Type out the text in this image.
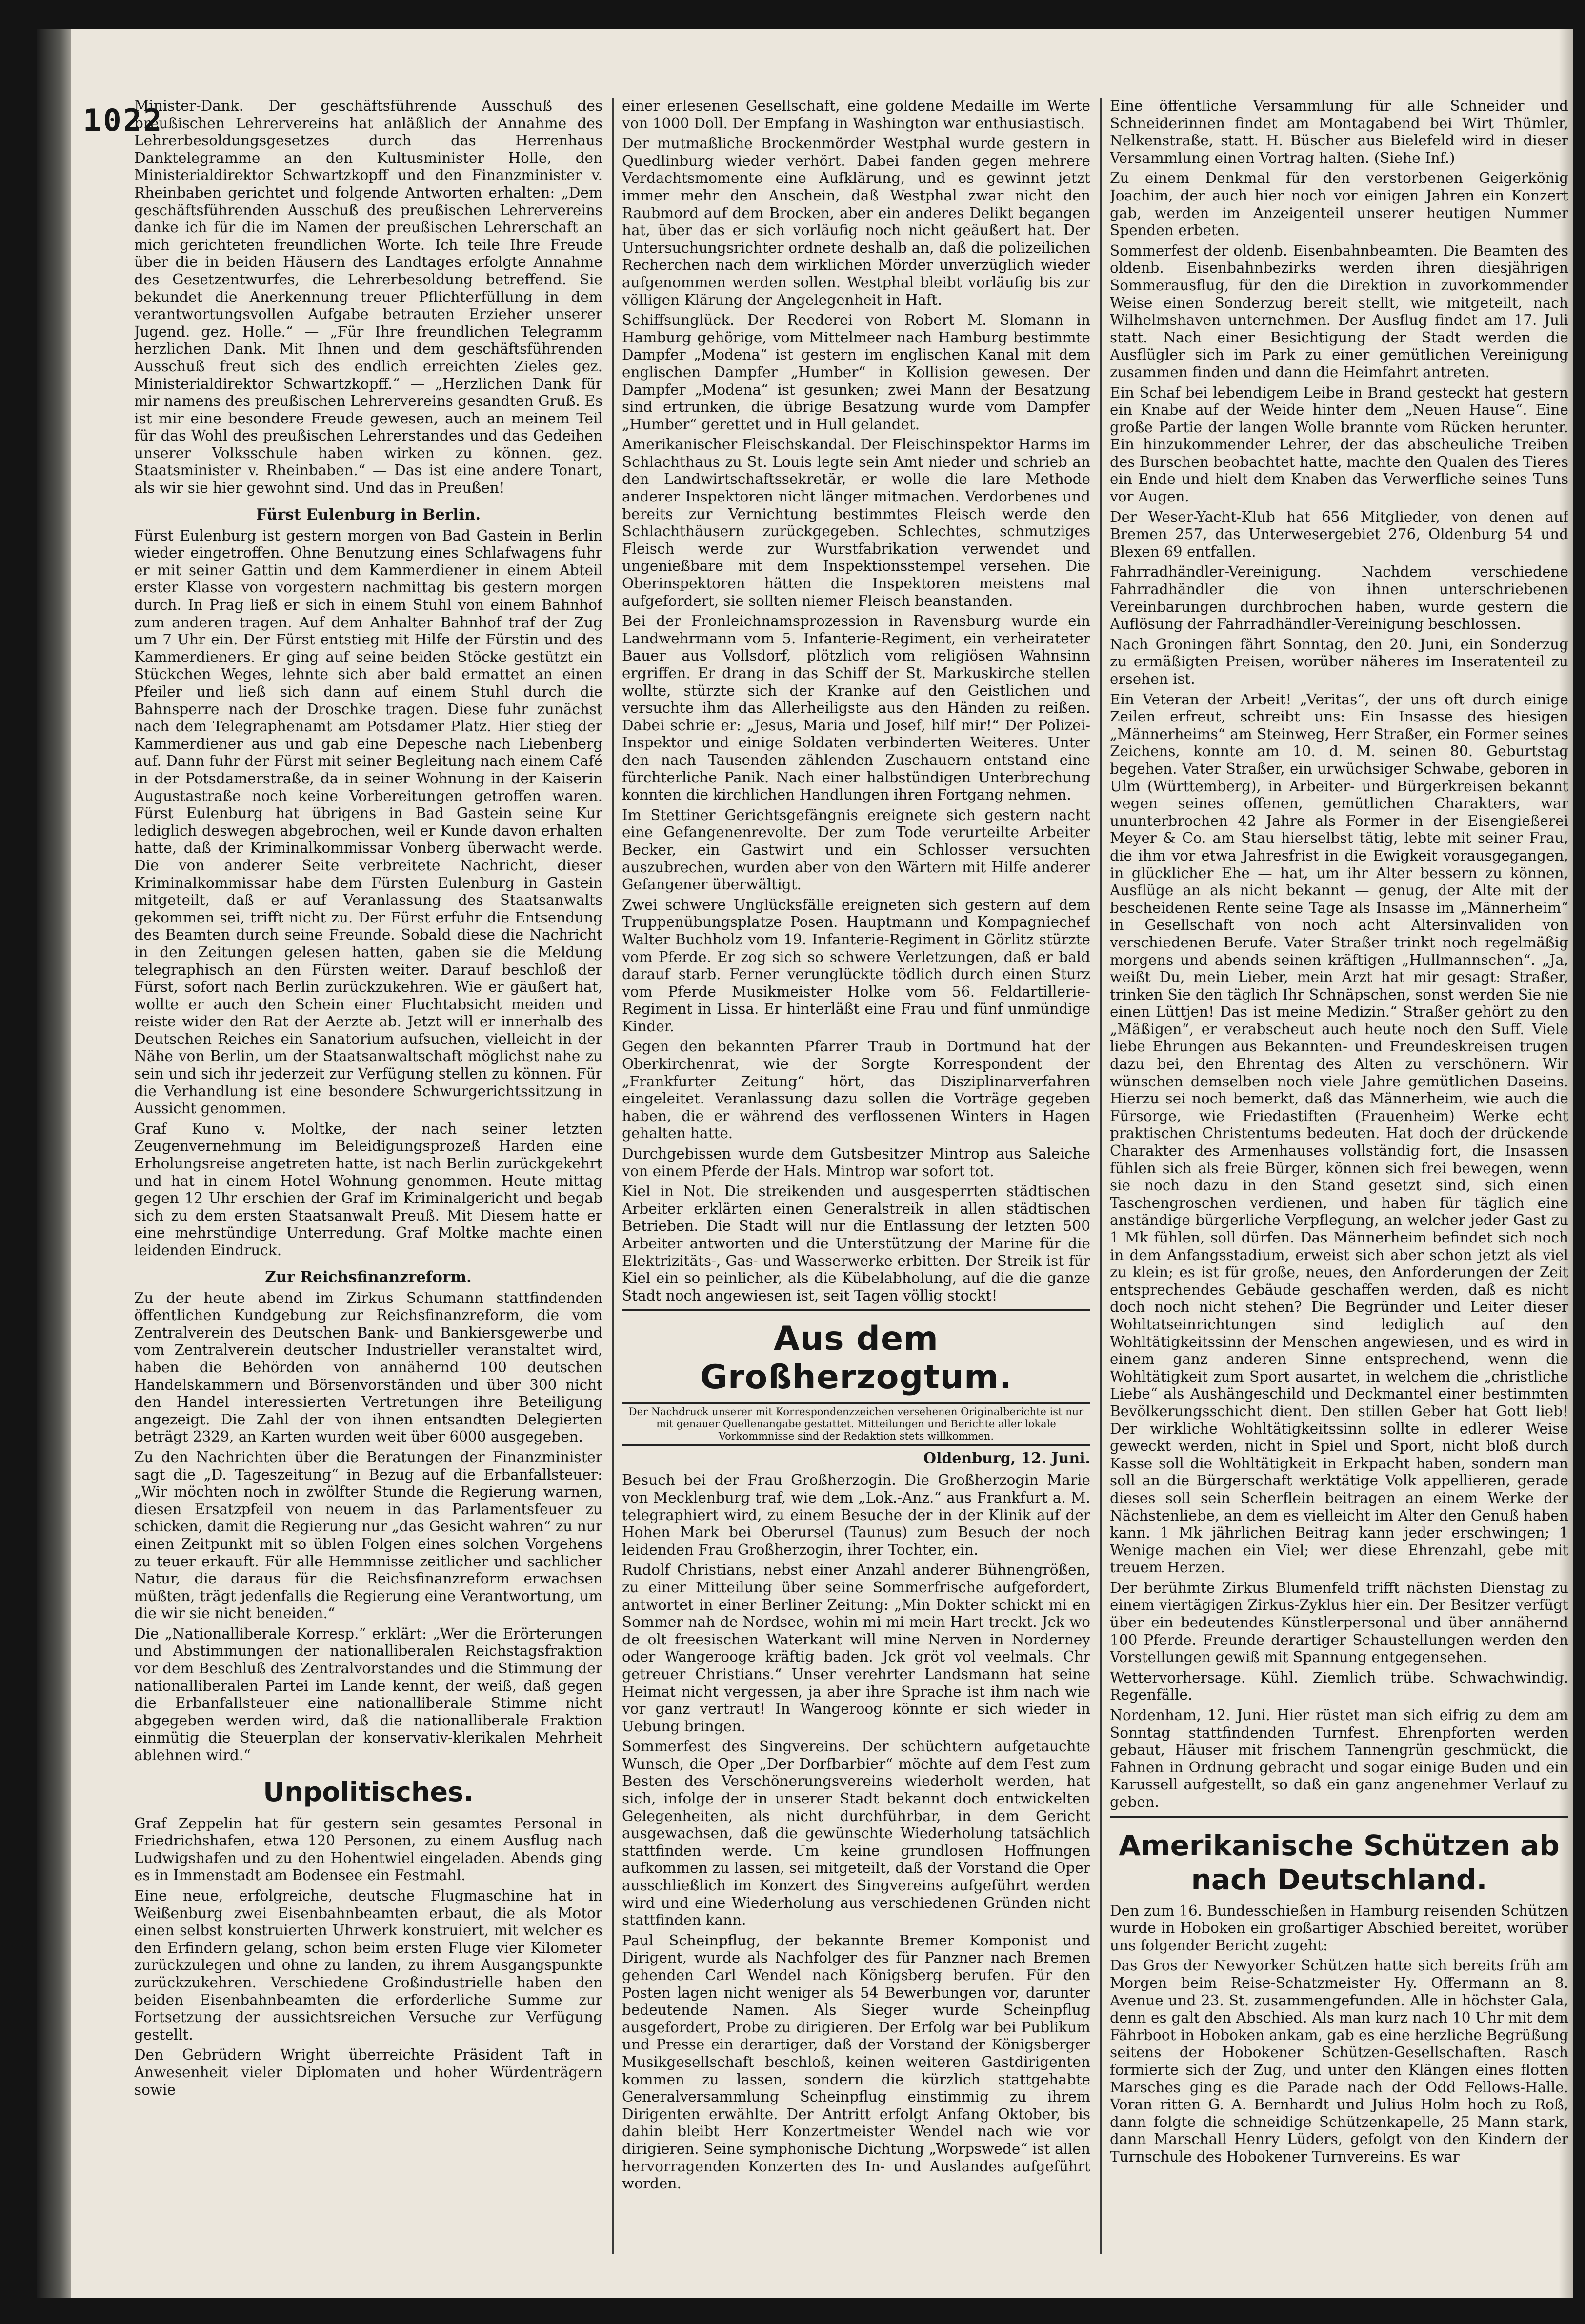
1022

Minister-Dank. Der geschäftsführende Ausschuß des preußischen Lehrervereins hat anläßlich der Annahme des Lehrerbesoldungsgesetzes durch das Herrenhaus Danktelegramme an den Kultusminister Holle, den Ministerialdirektor Schwartzkopff und den Finanzminister v. Rheinbaben gerichtet und folgende Antworten erhalten: „Dem geschäftsführenden Ausschuß des preußischen Lehrervereins danke ich für die im Namen der preußischen Lehrerschaft an mich gerichteten freundlichen Worte. Ich teile Ihre Freude über die in beiden Häusern des Landtages erfolgte Annahme des Gesetzentwurfes, die Lehrerbesoldung betreffend. Sie bekundet die Anerkennung treuer Pflichterfüllung in dem verantwortungsvollen Aufgabe betrauten Erzieher unserer Jugend. gez. Holle.“ — „Für Ihre freundlichen Telegramm herzlichen Dank. Mit Ihnen und dem geschäftsführenden Ausschuß freut sich des endlich erreichten Zieles gez. Ministerialdirektor Schwartzkopff.“ — „Herzlichen Dank für mir namens des preußischen Lehrervereins gesandten Gruß. Es ist mir eine besondere Freude gewesen, auch an meinem Teil für das Wohl des preußischen Lehrerstandes und das Gedeihen unserer Volksschule haben wirken zu können. gez. Staatsminister v. Rheinbaben.“ — Das ist eine andere Tonart, als wir sie hier gewohnt sind. Und das in Preußen!

Fürst Eulenburg in Berlin.

Fürst Eulenburg ist gestern morgen von Bad Gastein in Berlin wieder eingetroffen. Ohne Benutzung eines Schlafwagens fuhr er mit seiner Gattin und dem Kammerdiener in einem Abteil erster Klasse von vorgestern nachmittag bis gestern morgen durch. In Prag ließ er sich in einem Stuhl von einem Bahnhof zum anderen tragen. Auf dem Anhalter Bahnhof traf der Zug um 7 Uhr ein. Der Fürst entstieg mit Hilfe der Fürstin und des Kammerdieners. Er ging auf seine beiden Stöcke gestützt ein Stückchen Weges, lehnte sich aber bald ermattet an einen Pfeiler und ließ sich dann auf einem Stuhl durch die Bahnsperre nach der Droschke tragen. Diese fuhr zunächst nach dem Telegraphenamt am Potsdamer Platz. Hier stieg der Kammerdiener aus und gab eine Depesche nach Liebenberg auf. Dann fuhr der Fürst mit seiner Begleitung nach einem Café in der Potsdamerstraße, da in seiner Wohnung in der Kaiserin Augustastraße noch keine Vorbereitungen getroffen waren. Fürst Eulenburg hat übrigens in Bad Gastein seine Kur lediglich deswegen abgebrochen, weil er Kunde davon erhalten hatte, daß der Kriminalkommissar Vonberg überwacht werde. Die von anderer Seite verbreitete Nachricht, dieser Kriminalkommissar habe dem Fürsten Eulenburg in Gastein mitgeteilt, daß er auf Veranlassung des Staatsanwalts gekommen sei, trifft nicht zu. Der Fürst erfuhr die Entsendung des Beamten durch seine Freunde. Sobald diese die Nachricht in den Zeitungen gelesen hatten, gaben sie die Meldung telegraphisch an den Fürsten weiter. Darauf beschloß der Fürst, sofort nach Berlin zurückzukehren. Wie er gäußert hat, wollte er auch den Schein einer Fluchtabsicht meiden und reiste wider den Rat der Aerzte ab. Jetzt will er innerhalb des Deutschen Reiches ein Sanatorium aufsuchen, vielleicht in der Nähe von Berlin, um der Staatsanwaltschaft möglichst nahe zu sein und sich ihr jederzeit zur Verfügung stellen zu können. Für die Verhandlung ist eine besondere Schwurgerichtssitzung in Aussicht genommen.

Graf Kuno v. Moltke, der nach seiner letzten Zeugenvernehmung im Beleidigungsprozeß Harden eine Erholungsreise angetreten hatte, ist nach Berlin zurückgekehrt und hat in einem Hotel Wohnung genommen. Heute mittag gegen 12 Uhr erschien der Graf im Kriminalgericht und begab sich zu dem ersten Staatsanwalt Preuß. Mit Diesem hatte er eine mehrstündige Unterredung. Graf Moltke machte einen leidenden Eindruck.

Zur Reichsfinanzreform.

Zu der heute abend im Zirkus Schumann stattfindenden öffentlichen Kundgebung zur Reichsfinanzreform, die vom Zentralverein des Deutschen Bank- und Bankiersgewerbe und vom Zentralverein deutscher Industrieller veranstaltet wird, haben die Behörden von annähernd 100 deutschen Handelskammern und Börsenvorständen und über 300 nicht den Handel interessierten Vertretungen ihre Beteiligung angezeigt. Die Zahl der von ihnen entsandten Delegierten beträgt 2329, an Karten wurden weit über 6000 ausgegeben.

Zu den Nachrichten über die Beratungen der Finanzminister sagt die „D. Tageszeitung“ in Bezug auf die Erbanfallsteuer: „Wir möchten noch in zwölfter Stunde die Regierung warnen, diesen Ersatzpfeil von neuem in das Parlamentsfeuer zu schicken, damit die Regierung nur „das Gesicht wahren“ zu nur einen Zeitpunkt mit so üblen Folgen eines solchen Vorgehens zu teuer erkauft. Für alle Hemmnisse zeitlicher und sachlicher Natur, die daraus für die Reichsfinanzreform erwachsen müßten, trägt jedenfalls die Regierung eine Verantwortung, um die wir sie nicht beneiden.“

Die „Nationalliberale Korresp.“ erklärt: „Wer die Erörterungen und Abstimmungen der nationalliberalen Reichstagsfraktion vor dem Beschluß des Zentralvorstandes und die Stimmung der nationalliberalen Partei im Lande kennt, der weiß, daß gegen die Erbanfallsteuer eine nationalliberale Stimme nicht abgegeben werden wird, daß die nationalliberale Fraktion einmütig die Steuerplan der konservativ-klerikalen Mehrheit ablehnen wird.“

Unpolitisches.

Graf Zeppelin hat für gestern sein gesamtes Personal in Friedrichshafen, etwa 120 Personen, zu einem Ausflug nach Ludwigshafen und zu den Hohentwiel eingeladen. Abends ging es in Immenstadt am Bodensee ein Festmahl.

Eine neue, erfolgreiche, deutsche Flugmaschine hat in Weißenburg zwei Eisenbahnbeamten erbaut, die als Motor einen selbst konstruierten Uhrwerk konstruiert, mit welcher es den Erfindern gelang, schon beim ersten Fluge vier Kilometer zurückzulegen und ohne zu landen, zu ihrem Ausgangspunkte zurückzukehren. Verschiedene Großindustrielle haben den beiden Eisenbahnbeamten die erforderliche Summe zur Fortsetzung der aussichtsreichen Versuche zur Verfügung gestellt.

Den Gebrüdern Wright überreichte Präsident Taft in Anwesenheit vieler Diplomaten und hoher Würdenträgern sowie

einer erlesenen Gesellschaft, eine goldene Medaille im Werte von 1000 Doll. Der Empfang in Washington war enthusiastisch.

Der mutmaßliche Brockenmörder Westphal wurde gestern in Quedlinburg wieder verhört. Dabei fanden gegen mehrere Verdachtsmomente eine Aufklärung, und es gewinnt jetzt immer mehr den Anschein, daß Westphal zwar nicht den Raubmord auf dem Brocken, aber ein anderes Delikt begangen hat, über das er sich vorläufig noch nicht geäußert hat. Der Untersuchungsrichter ordnete deshalb an, daß die polizeilichen Recherchen nach dem wirklichen Mörder unverzüglich wieder aufgenommen werden sollen. Westphal bleibt vorläufig bis zur völligen Klärung der Angelegenheit in Haft.

Schiffsunglück. Der Reederei von Robert M. Slomann in Hamburg gehörige, vom Mittelmeer nach Hamburg bestimmte Dampfer „Modena“ ist gestern im englischen Kanal mit dem englischen Dampfer „Humber“ in Kollision gewesen. Der Dampfer „Modena“ ist gesunken; zwei Mann der Besatzung sind ertrunken, die übrige Besatzung wurde vom Dampfer „Humber“ gerettet und in Hull gelandet.

Amerikanischer Fleischskandal. Der Fleischinspektor Harms im Schlachthaus zu St. Louis legte sein Amt nieder und schrieb an den Landwirtschaftssekretär, er wolle die lare Methode anderer Inspektoren nicht länger mitmachen. Verdorbenes und bereits zur Vernichtung bestimmtes Fleisch werde den Schlachthäusern zurückgegeben. Schlechtes, schmutziges Fleisch werde zur Wurstfabrikation verwendet und ungenießbare mit dem Inspektionsstempel versehen. Die Oberinspektoren hätten die Inspektoren meistens mal aufgefordert, sie sollten niemer Fleisch beanstanden.

Bei der Fronleichnamsprozession in Ravensburg wurde ein Landwehrmann vom 5. Infanterie-Regiment, ein verheirateter Bauer aus Vollsdorf, plötzlich vom religiösen Wahnsinn ergriffen. Er drang in das Schiff der St. Markuskirche stellen wollte, stürzte sich der Kranke auf den Geistlichen und versuchte ihm das Allerheiligste aus den Händen zu reißen. Dabei schrie er: „Jesus, Maria und Josef, hilf mir!“ Der Polizei-Inspektor und einige Soldaten verbinderten Weiteres. Unter den nach Tausenden zählenden Zuschauern entstand eine fürchterliche Panik. Nach einer halbstündigen Unterbrechung konnten die kirchlichen Handlungen ihren Fortgang nehmen.

Im Stettiner Gerichtsgefängnis ereignete sich gestern nacht eine Gefangenenrevolte. Der zum Tode verurteilte Arbeiter Becker, ein Gastwirt und ein Schlosser versuchten auszubrechen, wurden aber von den Wärtern mit Hilfe anderer Gefangener überwältigt.

Zwei schwere Unglücksfälle ereigneten sich gestern auf dem Truppenübungsplatze Posen. Hauptmann und Kompagniechef Walter Buchholz vom 19. Infanterie-Regiment in Görlitz stürzte vom Pferde. Er zog sich so schwere Verletzungen, daß er bald darauf starb. Ferner verunglückte tödlich durch einen Sturz vom Pferde Musikmeister Holke vom 56. Feldartillerie-Regiment in Lissa. Er hinterläßt eine Frau und fünf unmündige Kinder.

Gegen den bekannten Pfarrer Traub in Dortmund hat der Oberkirchenrat, wie der Sorgte Korrespondent der „Frankfurter Zeitung“ hört, das Disziplinarverfahren eingeleitet. Veranlassung dazu sollen die Vorträge gegeben haben, die er während des verflossenen Winters in Hagen gehalten hatte.

Durchgebissen wurde dem Gutsbesitzer Mintrop aus Saleiche von einem Pferde der Hals. Mintrop war sofort tot.

Kiel in Not. Die streikenden und ausgesperrten städtischen Arbeiter erklärten einen Generalstreik in allen städtischen Betrieben. Die Stadt will nur die Entlassung der letzten 500 Arbeiter antworten und die Unterstützung der Marine für die Elektrizitäts-, Gas- und Wasserwerke erbitten. Der Streik ist für Kiel ein so peinlicher, als die Kübelabholung, auf die die ganze Stadt noch angewiesen ist, seit Tagen völlig stockt!

Aus dem Großherzogtum.
Der Nachdruck unserer mit Korrespondenzzeichen versehenen Originalberichte ist nur mit genauer Quellenangabe gestattet. Mitteilungen und Berichte aller lokale Vorkommnisse sind der Redaktion stets willkommen.
Oldenburg, 12. Juni.

Besuch bei der Frau Großherzogin. Die Großherzogin Marie von Mecklenburg traf, wie dem „Lok.-Anz.“ aus Frankfurt a. M. telegraphiert wird, zu einem Besuche der in der Klinik auf der Hohen Mark bei Oberursel (Taunus) zum Besuch der noch leidenden Frau Großherzogin, ihrer Tochter, ein.

Rudolf Christians, nebst einer Anzahl anderer Bühnengrößen, zu einer Mitteilung über seine Sommerfrische aufgefordert, antwortet in einer Berliner Zeitung: „Min Dokter schickt mi en Sommer nah de Nordsee, wohin mi mi mein Hart treckt. Jck wo de olt freesischen Waterkant will mine Nerven in Norderney oder Wangerooge kräftig baden. Jck gröt vol veelmals. Chr getreuer Christians.“ Unser verehrter Landsmann hat seine Heimat nicht vergessen, ja aber ihre Sprache ist ihm nach wie vor ganz vertraut! In Wangeroog könnte er sich wieder in Uebung bringen.

Sommerfest des Singvereins. Der schüchtern aufgetauchte Wunsch, die Oper „Der Dorfbarbier“ möchte auf dem Fest zum Besten des Verschönerungsvereins wiederholt werden, hat sich, infolge der in unserer Stadt bekannt doch entwickelten Gelegenheiten, als nicht durchführbar, in dem Gericht ausgewachsen, daß die gewünschte Wiederholung tatsächlich stattfinden werde. Um keine grundlosen Hoffnungen aufkommen zu lassen, sei mitgeteilt, daß der Vorstand die Oper ausschließlich im Konzert des Singvereins aufgeführt werden wird und eine Wiederholung aus verschiedenen Gründen nicht stattfinden kann.

Paul Scheinpflug, der bekannte Bremer Komponist und Dirigent, wurde als Nachfolger des für Panzner nach Bremen gehenden Carl Wendel nach Königsberg berufen. Für den Posten lagen nicht weniger als 54 Bewerbungen vor, darunter bedeutende Namen. Als Sieger wurde Scheinpflug ausgefordert, Probe zu dirigieren. Der Erfolg war bei Publikum und Presse ein derartiger, daß der Vorstand der Königsberger Musikgesellschaft beschloß, keinen weiteren Gastdirigenten kommen zu lassen, sondern die kürzlich stattgehabte Generalversammlung Scheinpflug einstimmig zu ihrem Dirigenten erwählte. Der Antritt erfolgt Anfang Oktober, bis dahin bleibt Herr Konzertmeister Wendel nach wie vor dirigieren. Seine symphonische Dichtung „Worpswede“ ist allen hervorragenden Konzerten des In- und Auslandes aufgeführt worden.

Eine öffentliche Versammlung für alle Schneider und Schneiderinnen findet am Montagabend bei Wirt Thümler, Nelkenstraße, statt. H. Büscher aus Bielefeld wird in dieser Versammlung einen Vortrag halten. (Siehe Inf.)

Zu einem Denkmal für den verstorbenen Geigerkönig Joachim, der auch hier noch vor einigen Jahren ein Konzert gab, werden im Anzeigenteil unserer heutigen Nummer Spenden erbeten.

Sommerfest der oldenb. Eisenbahnbeamten. Die Beamten des oldenb. Eisenbahnbezirks werden ihren diesjährigen Sommerausflug, für den die Direktion in zuvorkommender Weise einen Sonderzug bereit stellt, wie mitgeteilt, nach Wilhelmshaven unternehmen. Der Ausflug findet am 17. Juli statt. Nach einer Besichtigung der Stadt werden die Ausflügler sich im Park zu einer gemütlichen Vereinigung zusammen finden und dann die Heimfahrt antreten.

Ein Schaf bei lebendigem Leibe in Brand gesteckt hat gestern ein Knabe auf der Weide hinter dem „Neuen Hause“. Eine große Partie der langen Wolle brannte vom Rücken herunter. Ein hinzukommender Lehrer, der das abscheuliche Treiben des Burschen beobachtet hatte, machte den Qualen des Tieres ein Ende und hielt dem Knaben das Verwerfliche seines Tuns vor Augen.

Der Weser-Yacht-Klub hat 656 Mitglieder, von denen auf Bremen 257, das Unterwesergebiet 276, Oldenburg 54 und Blexen 69 entfallen.

Fahrradhändler-Vereinigung. Nachdem verschiedene Fahrradhändler die von ihnen unterschriebenen Vereinbarungen durchbrochen haben, wurde gestern die Auflösung der Fahrradhändler-Vereinigung beschlossen.

Nach Groningen fährt Sonntag, den 20. Juni, ein Sonderzug zu ermäßigten Preisen, worüber näheres im Inseratenteil zu ersehen ist.

Ein Veteran der Arbeit! „Veritas“, der uns oft durch einige Zeilen erfreut, schreibt uns: Ein Insasse des hiesigen „Männerheims“ am Steinweg, Herr Straßer, ein Former seines Zeichens, konnte am 10. d. M. seinen 80. Geburtstag begehen. Vater Straßer, ein urwüchsiger Schwabe, geboren in Ulm (Württemberg), in Arbeiter- und Bürgerkreisen bekannt wegen seines offenen, gemütlichen Charakters, war ununterbrochen 42 Jahre als Former in der Eisengießerei Meyer & Co. am Stau hierselbst tätig, lebte mit seiner Frau, die ihm vor etwa Jahresfrist in die Ewigkeit vorausgegangen, in glücklicher Ehe — hat, um ihr Alter bessern zu können, Ausflüge an als nicht bekannt — genug, der Alte mit der bescheidenen Rente seine Tage als Insasse im „Männerheim“ in Gesellschaft von noch acht Altersinvaliden von verschiedenen Berufe. Vater Straßer trinkt noch regelmäßig morgens und abends seinen kräftigen „Hullmannschen“. „Ja, weißt Du, mein Lieber, mein Arzt hat mir gesagt: Straßer, trinken Sie den täglich Ihr Schnäpschen, sonst werden Sie nie einen Lüttjen! Das ist meine Medizin.“ Straßer gehört zu den „Mäßigen“, er verabscheut auch heute noch den Suff. Viele liebe Ehrungen aus Bekannten- und Freundeskreisen trugen dazu bei, den Ehrentag des Alten zu verschönern. Wir wünschen demselben noch viele Jahre gemütlichen Daseins. Hierzu sei noch bemerkt, daß das Männerheim, wie auch die Fürsorge, wie Friedastiften (Frauenheim) Werke echt praktischen Christentums bedeuten. Hat doch der drückende Charakter des Armenhauses vollständig fort, die Insassen fühlen sich als freie Bürger, können sich frei bewegen, wenn sie noch dazu in den Stand gesetzt sind, sich einen Taschengroschen verdienen, und haben für täglich eine anständige bürgerliche Verpflegung, an welcher jeder Gast zu 1 Mk fühlen, soll dürfen. Das Männerheim befindet sich noch in dem Anfangsstadium, erweist sich aber schon jetzt als viel zu klein; es ist für große, neues, den Anforderungen der Zeit entsprechendes Gebäude geschaffen werden, daß es nicht doch noch nicht stehen? Die Begründer und Leiter dieser Wohltatseinrichtungen sind lediglich auf den Wohltätigkeitssinn der Menschen angewiesen, und es wird in einem ganz anderen Sinne entsprechend, wenn die Wohltätigkeit zum Sport ausartet, in welchem die „christliche Liebe“ als Aushängeschild und Deckmantel einer bestimmten Bevölkerungsschicht dient. Den stillen Geber hat Gott lieb! Der wirkliche Wohltätigkeitssinn sollte in edlerer Weise geweckt werden, nicht in Spiel und Sport, nicht bloß durch Kasse soll die Wohltätigkeit in Erkpacht haben, sondern man soll an die Bürgerschaft werktätige Volk appellieren, gerade dieses soll sein Scherflein beitragen an einem Werke der Nächstenliebe, an dem es vielleicht im Alter den Genuß haben kann. 1 Mk jährlichen Beitrag kann jeder erschwingen; 1 Wenige machen ein Viel; wer diese Ehrenzahl, gebe mit treuem Herzen.

Der berühmte Zirkus Blumenfeld trifft nächsten Dienstag zu einem viertägigen Zirkus-Zyklus hier ein. Der Besitzer verfügt über ein bedeutendes Künstlerpersonal und über annähernd 100 Pferde. Freunde derartiger Schaustellungen werden den Vorstellungen gewiß mit Spannung entgegensehen.

Wettervorhersage. Kühl. Ziemlich trübe. Schwachwindig. Regenfälle.

Nordenham, 12. Juni. Hier rüstet man sich eifrig zu dem am Sonntag stattfindenden Turnfest. Ehrenpforten werden gebaut, Häuser mit frischem Tannengrün geschmückt, die Fahnen in Ordnung gebracht und sogar einige Buden und ein Karussell aufgestellt, so daß ein ganz angenehmer Verlauf zu geben.

Amerikanische Schützen ab nach Deutschland.

Den zum 16. Bundesschießen in Hamburg reisenden Schützen wurde in Hoboken ein großartiger Abschied bereitet, worüber uns folgender Bericht zugeht:

Das Gros der Newyorker Schützen hatte sich bereits früh am Morgen beim Reise-Schatzmeister Hy. Offermann an 8. Avenue und 23. St. zusammengefunden. Alle in höchster Gala, denn es galt den Abschied. Als man kurz nach 10 Uhr mit dem Fährboot in Hoboken ankam, gab es eine herzliche Begrüßung seitens der Hobokener Schützen-Gesellschaften. Rasch formierte sich der Zug, und unter den Klängen eines flotten Marsches ging es die Parade nach der Odd Fellows-Halle. Voran ritten G. A. Bernhardt und Julius Holm hoch zu Roß, dann folgte die schneidige Schützenkapelle, 25 Mann stark, dann Marschall Henry Lüders, gefolgt von den Kindern der Turnschule des Hobokener Turnvereins. Es war
